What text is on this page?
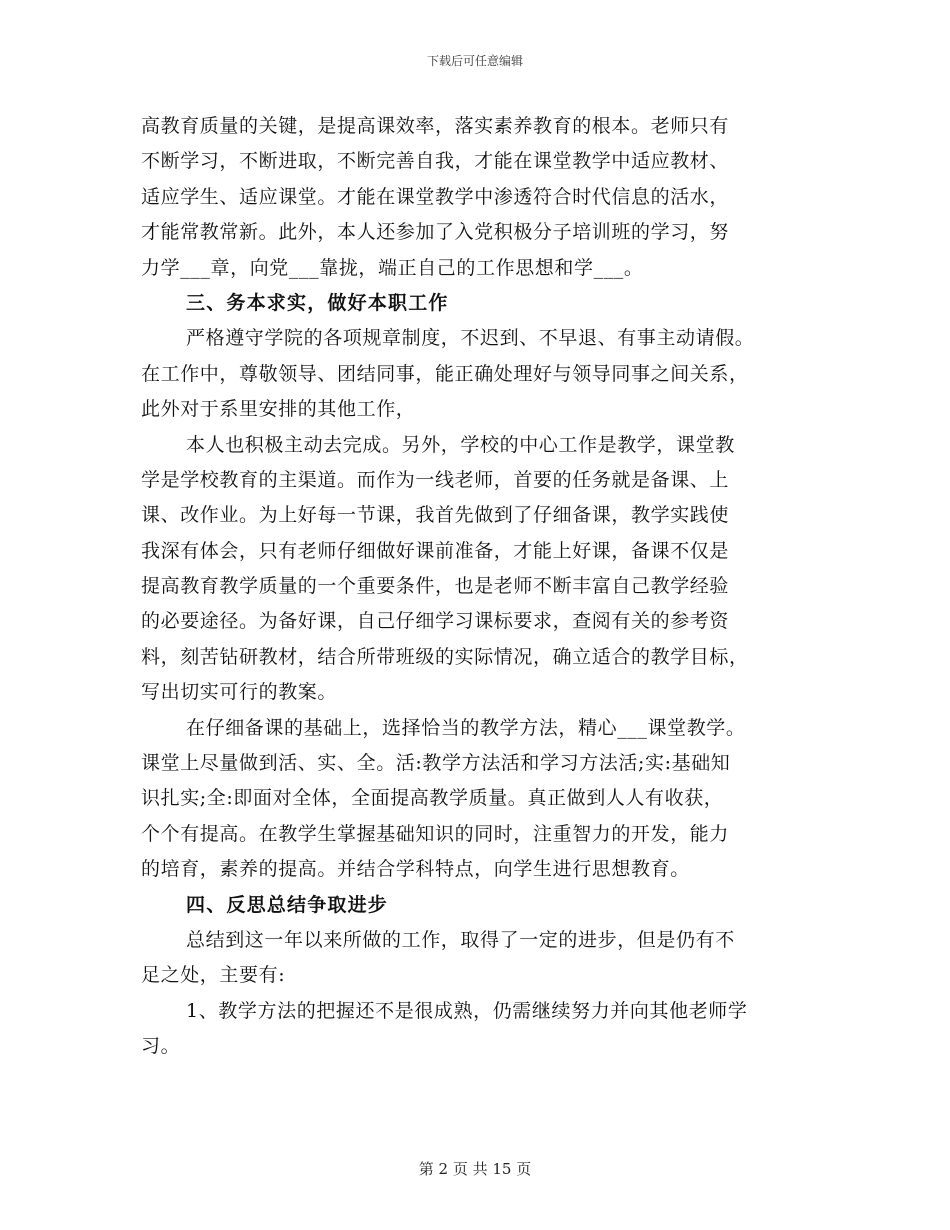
下载后可任意编辑
高教育质量的关键，是提高课效率，落实素养教育的根本。老师只有
不断学习，不断进取，不断完善自我，才能在课堂教学中适应教材、
适应学生、适应课堂。才能在课堂教学中渗透符合时代信息的活水，
才能常教常新。此外，本人还参加了入党积极分子培训班的学习，努
力学___章，向党___靠拢，端正自己的工作思想和学___。
三、务本求实，做好本职工作
严格遵守学院的各项规章制度，不迟到、不早退、有事主动请假。
在工作中，尊敬领导、团结同事，能正确处理好与领导同事之间关系，
此外对于系里安排的其他工作，
本人也积极主动去完成。另外，学校的中心工作是教学，课堂教
学是学校教育的主渠道。而作为一线老师，首要的任务就是备课、上
课、改作业。为上好每一节课，我首先做到了仔细备课，教学实践使
我深有体会，只有老师仔细做好课前准备，才能上好课，备课不仅是
提高教育教学质量的一个重要条件，也是老师不断丰富自己教学经验
的必要途径。为备好课，自己仔细学习课标要求，查阅有关的参考资
料，刻苦钻研教材，结合所带班级的实际情况，确立适合的教学目标，
写出切实可行的教案。
在仔细备课的基础上，选择恰当的教学方法，精心___课堂教学。
课堂上尽量做到活、实、全。活:教学方法活和学习方法活;实:基础知
识扎实;全:即面对全体，全面提高教学质量。真正做到人人有收获，
个个有提高。在教学生掌握基础知识的同时，注重智力的开发，能力
的培育，素养的提高。并结合学科特点，向学生进行思想教育。
四、反思总结争取进步
总结到这一年以来所做的工作，取得了一定的进步，但是仍有不
足之处，主要有:
1、教学方法的把握还不是很成熟，仍需继续努力并向其他老师学
习。
第 2 页 共 15 页
